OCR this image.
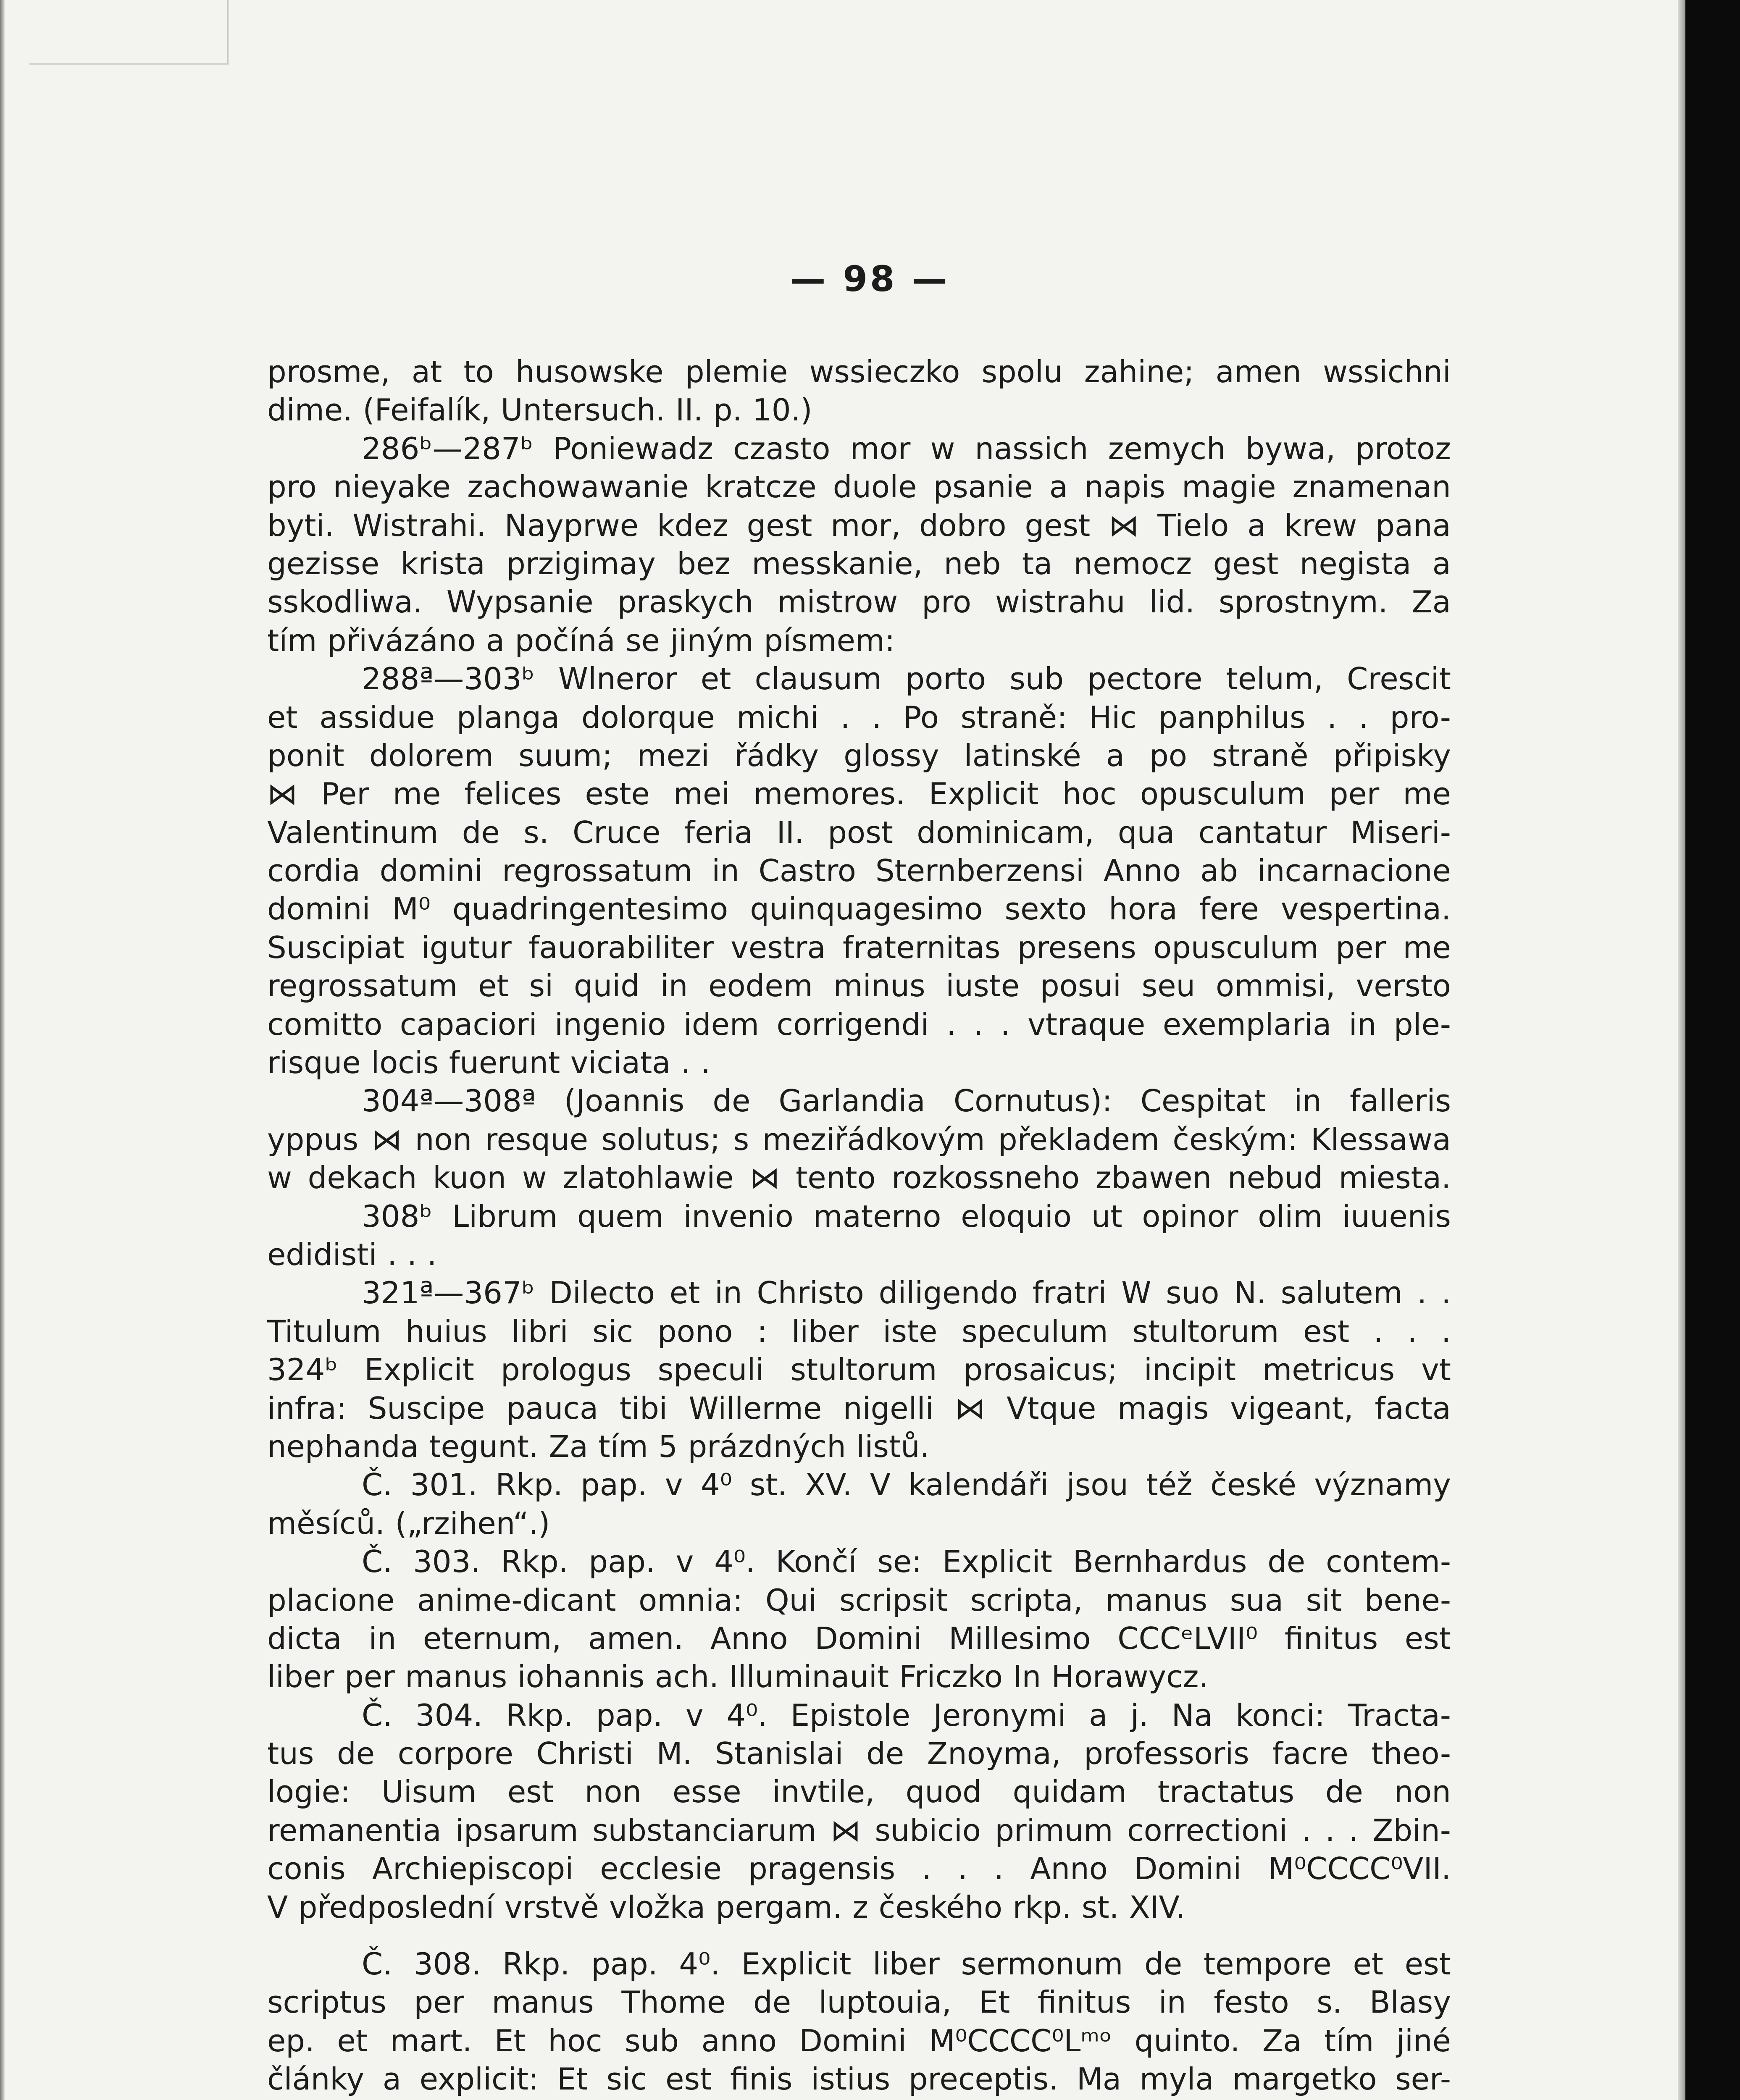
— 98 —
prosme, at to husowske plemie wssieczko spolu zahine; amen wssichni
dime. (Feifalík, Untersuch. II. p. 10.)
286ᵇ—287ᵇ Poniewadz czasto mor w nassich zemych bywa, protoz
pro nieyake zachowawanie kratcze duole psanie a napis magie znamenan
byti. Wistrahi. Nayprwe kdez gest mor, dobro gest ⋈ Tielo a krew pana
gezisse krista przigimay bez messkanie, neb ta nemocz gest negista a
sskodliwa. Wypsanie praskych mistrow pro wistrahu lid. sprostnym. Za
tím přivázáno a počíná se jiným písmem:
288ª—303ᵇ Wlneror et clausum porto sub pectore telum, Crescit
et assidue planga dolorque michi . . Po straně: Hic panphilus . . pro-
ponit dolorem suum; mezi řádky glossy latinské a po straně připisky
⋈ Per me felices este mei memores. Explicit hoc opusculum per me
Valentinum de s. Cruce feria II. post dominicam, qua cantatur Miseri-
cordia domini regrossatum in Castro Sternberzensi Anno ab incarnacione
domini M⁰ quadringentesimo quinquagesimo sexto hora fere vespertina.
Suscipiat igutur fauorabiliter vestra fraternitas presens opusculum per me
regrossatum et si quid in eodem minus iuste posui seu ommisi, versto
comitto capaciori ingenio idem corrigendi . . . vtraque exemplaria in ple-
risque locis fuerunt viciata . .
304ª—308ª (Joannis de Garlandia Cornutus): Cespitat in falleris
yppus ⋈ non resque solutus; s meziřádkovým překladem českým: Klessawa
w dekach kuon w zlatohlawie ⋈ tento rozkossneho zbawen nebud miesta.
308ᵇ Librum quem invenio materno eloquio ut opinor olim iuuenis
edidisti . . .
321ª—367ᵇ Dilecto et in Christo diligendo fratri W suo N. salutem . .
Titulum huius libri sic pono : liber iste speculum stultorum est . . .
324ᵇ Explicit prologus speculi stultorum prosaicus; incipit metricus vt
infra: Suscipe pauca tibi Willerme nigelli ⋈ Vtque magis vigeant, facta
nephanda tegunt. Za tím 5 prázdných listů.
Č. 301. Rkp. pap. v 4⁰ st. XV. V kalendáři jsou též české významy
měsíců. („rzihen“.)
Č. 303. Rkp. pap. v 4⁰. Končí se: Explicit Bernhardus de contem-
placione anime-dicant omnia: Qui scripsit scripta, manus sua sit bene-
dicta in eternum, amen. Anno Domini Millesimo CCCᵉLVII⁰ finitus est
liber per manus iohannis ach. Illuminauit Friczko In Horawycz.
Č. 304. Rkp. pap. v 4⁰. Epistole Jeronymi a j. Na konci: Tracta-
tus de corpore Christi M. Stanislai de Znoyma, professoris facre theo-
logie: Uisum est non esse invtile, quod quidam tractatus de non
remanentia ipsarum substanciarum ⋈ subicio primum correctioni . . . Zbin-
conis Archiepiscopi ecclesie pragensis . . . Anno Domini M⁰CCCC⁰VII.
V předposlední vrstvě vložka pergam. z českého rkp. st. XIV.
Č. 308. Rkp. pap. 4⁰. Explicit liber sermonum de tempore et est
scriptus per manus Thome de luptouia, Et finitus in festo s. Blasy
ep. et mart. Et hoc sub anno Domini M⁰CCCC⁰Lᵐᵒ quinto. Za tím jiné
články a explicit: Et sic est finis istius preceptis. Ma myla margetko ser-
